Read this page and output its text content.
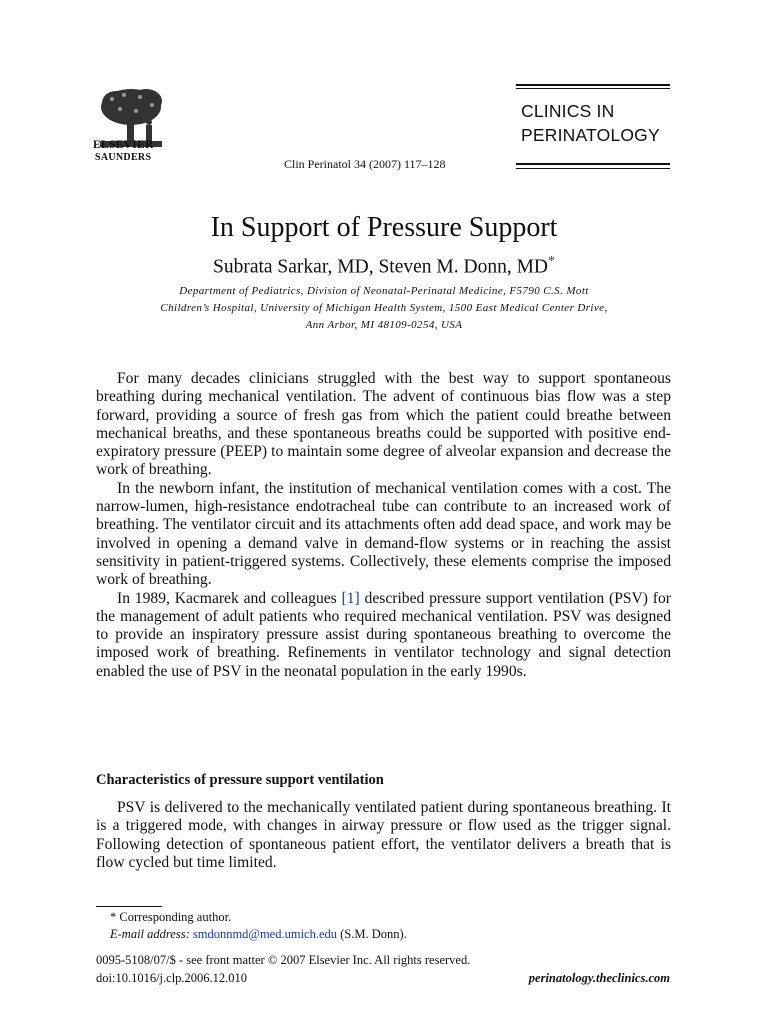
ELSEVIER
SAUNDERS	Clin Perinatol 34 (2007) 117–128
CLINICS IN
PERINATOLOGY
In Support of Pressure Support
Subrata Sarkar, MD, Steven M. Donn, MD*
Department of Pediatrics, Division of Neonatal-Perinatal Medicine, F5790 C.S. Mott
Children’s Hospital, University of Michigan Health System, 1500 East Medical Center Drive,
Ann Arbor, MI 48109-0254, USA

For many decades clinicians struggled with the best way to support spontaneous breathing during mechanical ventilation. The advent of continuous bias flow was a step forward, providing a source of fresh gas from which the patient could breathe between mechanical breaths, and these spontaneous breaths could be supported with positive end-expiratory pressure (PEEP) to maintain some degree of alveolar expansion and decrease the work of breathing.

In the newborn infant, the institution of mechanical ventilation comes with a cost. The narrow-lumen, high-resistance endotracheal tube can contribute to an increased work of breathing. The ventilator circuit and its attachments often add dead space, and work may be involved in opening a demand valve in demand-flow systems or in reaching the assist sensitivity in patient-triggered systems. Collectively, these elements comprise the imposed work of breathing.

In 1989, Kacmarek and colleagues [1] described pressure support ventilation (PSV) for the management of adult patients who required mechanical ventilation. PSV was designed to provide an inspiratory pressure assist during spontaneous breathing to overcome the imposed work of breathing. Refinements in ventilator technology and signal detection enabled the use of PSV in the neonatal population in the early 1990s.

Characteristics of pressure support ventilation

PSV is delivered to the mechanically ventilated patient during spontaneous breathing. It is a triggered mode, with changes in airway pressure or flow used as the trigger signal. Following detection of spontaneous patient effort, the ventilator delivers a breath that is flow cycled but time limited.

* Corresponding author.
E-mail address: smdonnmd@med.umich.edu (S.M. Donn).
0095-5108/07/$ - see front matter © 2007 Elsevier Inc. All rights reserved.
doi:10.1016/j.clp.2006.12.010	perinatology.theclinics.com
